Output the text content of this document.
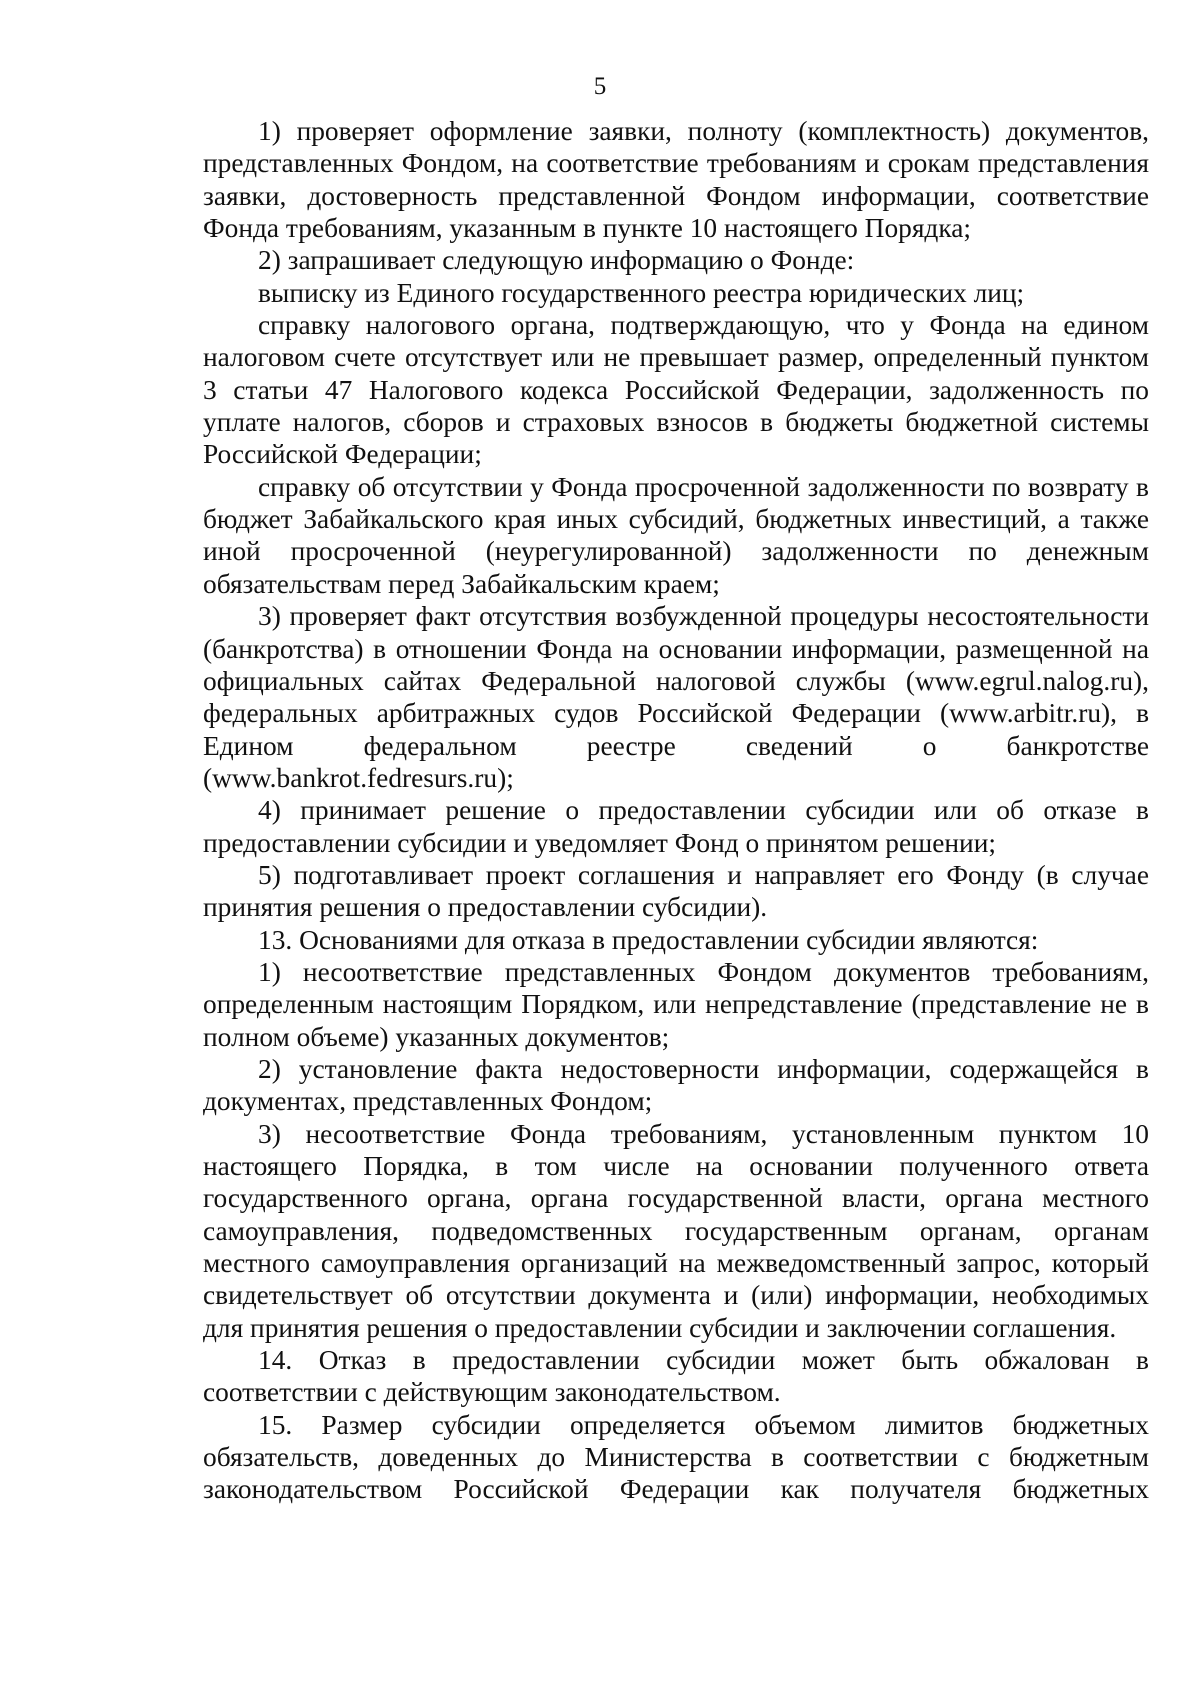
5

1) проверяет оформление заявки, полноту (комплектность) документов, представленных Фондом, на соответствие требованиям и срокам представления заявки, достоверность представленной Фондом информации, соответствие Фонда требованиям, указанным в пункте 10 настоящего Порядка;

2) запрашивает следующую информацию о Фонде:

выписку из Единого государственного реестра юридических лиц;

справку налогового органа, подтверждающую, что у Фонда на едином налоговом счете отсутствует или не превышает размер, определенный пунктом 3 статьи 47 Налогового кодекса Российской Федерации, задолженность по уплате налогов, сборов и страховых взносов в бюджеты бюджетной системы Российской Федерации;

справку об отсутствии у Фонда просроченной задолженности по возврату в бюджет Забайкальского края иных субсидий, бюджетных инвестиций, а также иной просроченной (неурегулированной) задолженности по денежным обязательствам перед Забайкальским краем;

3) проверяет факт отсутствия возбужденной процедуры несостоятельности (банкротства) в отношении Фонда на основании информации, размещенной на официальных сайтах Федеральной налоговой службы (www.egrul.nalog.ru), федеральных арбитражных судов Российской Федерации (www.arbitr.ru), в Едином федеральном реестре сведений о банкротстве (www.bankrot.fedresurs.ru);

4) принимает решение о предоставлении субсидии или об отказе в предоставлении субсидии и уведомляет Фонд о принятом решении;

5) подготавливает проект соглашения и направляет его Фонду (в случае принятия решения о предоставлении субсидии).

13. Основаниями для отказа в предоставлении субсидии являются:

1) несоответствие представленных Фондом документов требованиям, определенным настоящим Порядком, или непредставление (представление не в полном объеме) указанных документов;

2) установление факта недостоверности информации, содержащейся в документах, представленных Фондом;

3) несоответствие Фонда требованиям, установленным пунктом 10 настоящего Порядка, в том числе на основании полученного ответа государственного органа, органа государственной власти, органа местного самоуправления, подведомственных государственным органам, органам местного самоуправления организаций на межведомственный запрос, который свидетельствует об отсутствии документа и (или) информации, необходимых для принятия решения о предоставлении субсидии и заключении соглашения.

14. Отказ в предоставлении субсидии может быть обжалован в соответствии с действующим законодательством.

15. Размер субсидии определяется объемом лимитов бюджетных обязательств, доведенных до Министерства в соответствии с бюджетным законодательством Российской Федерации как получателя бюджетных
